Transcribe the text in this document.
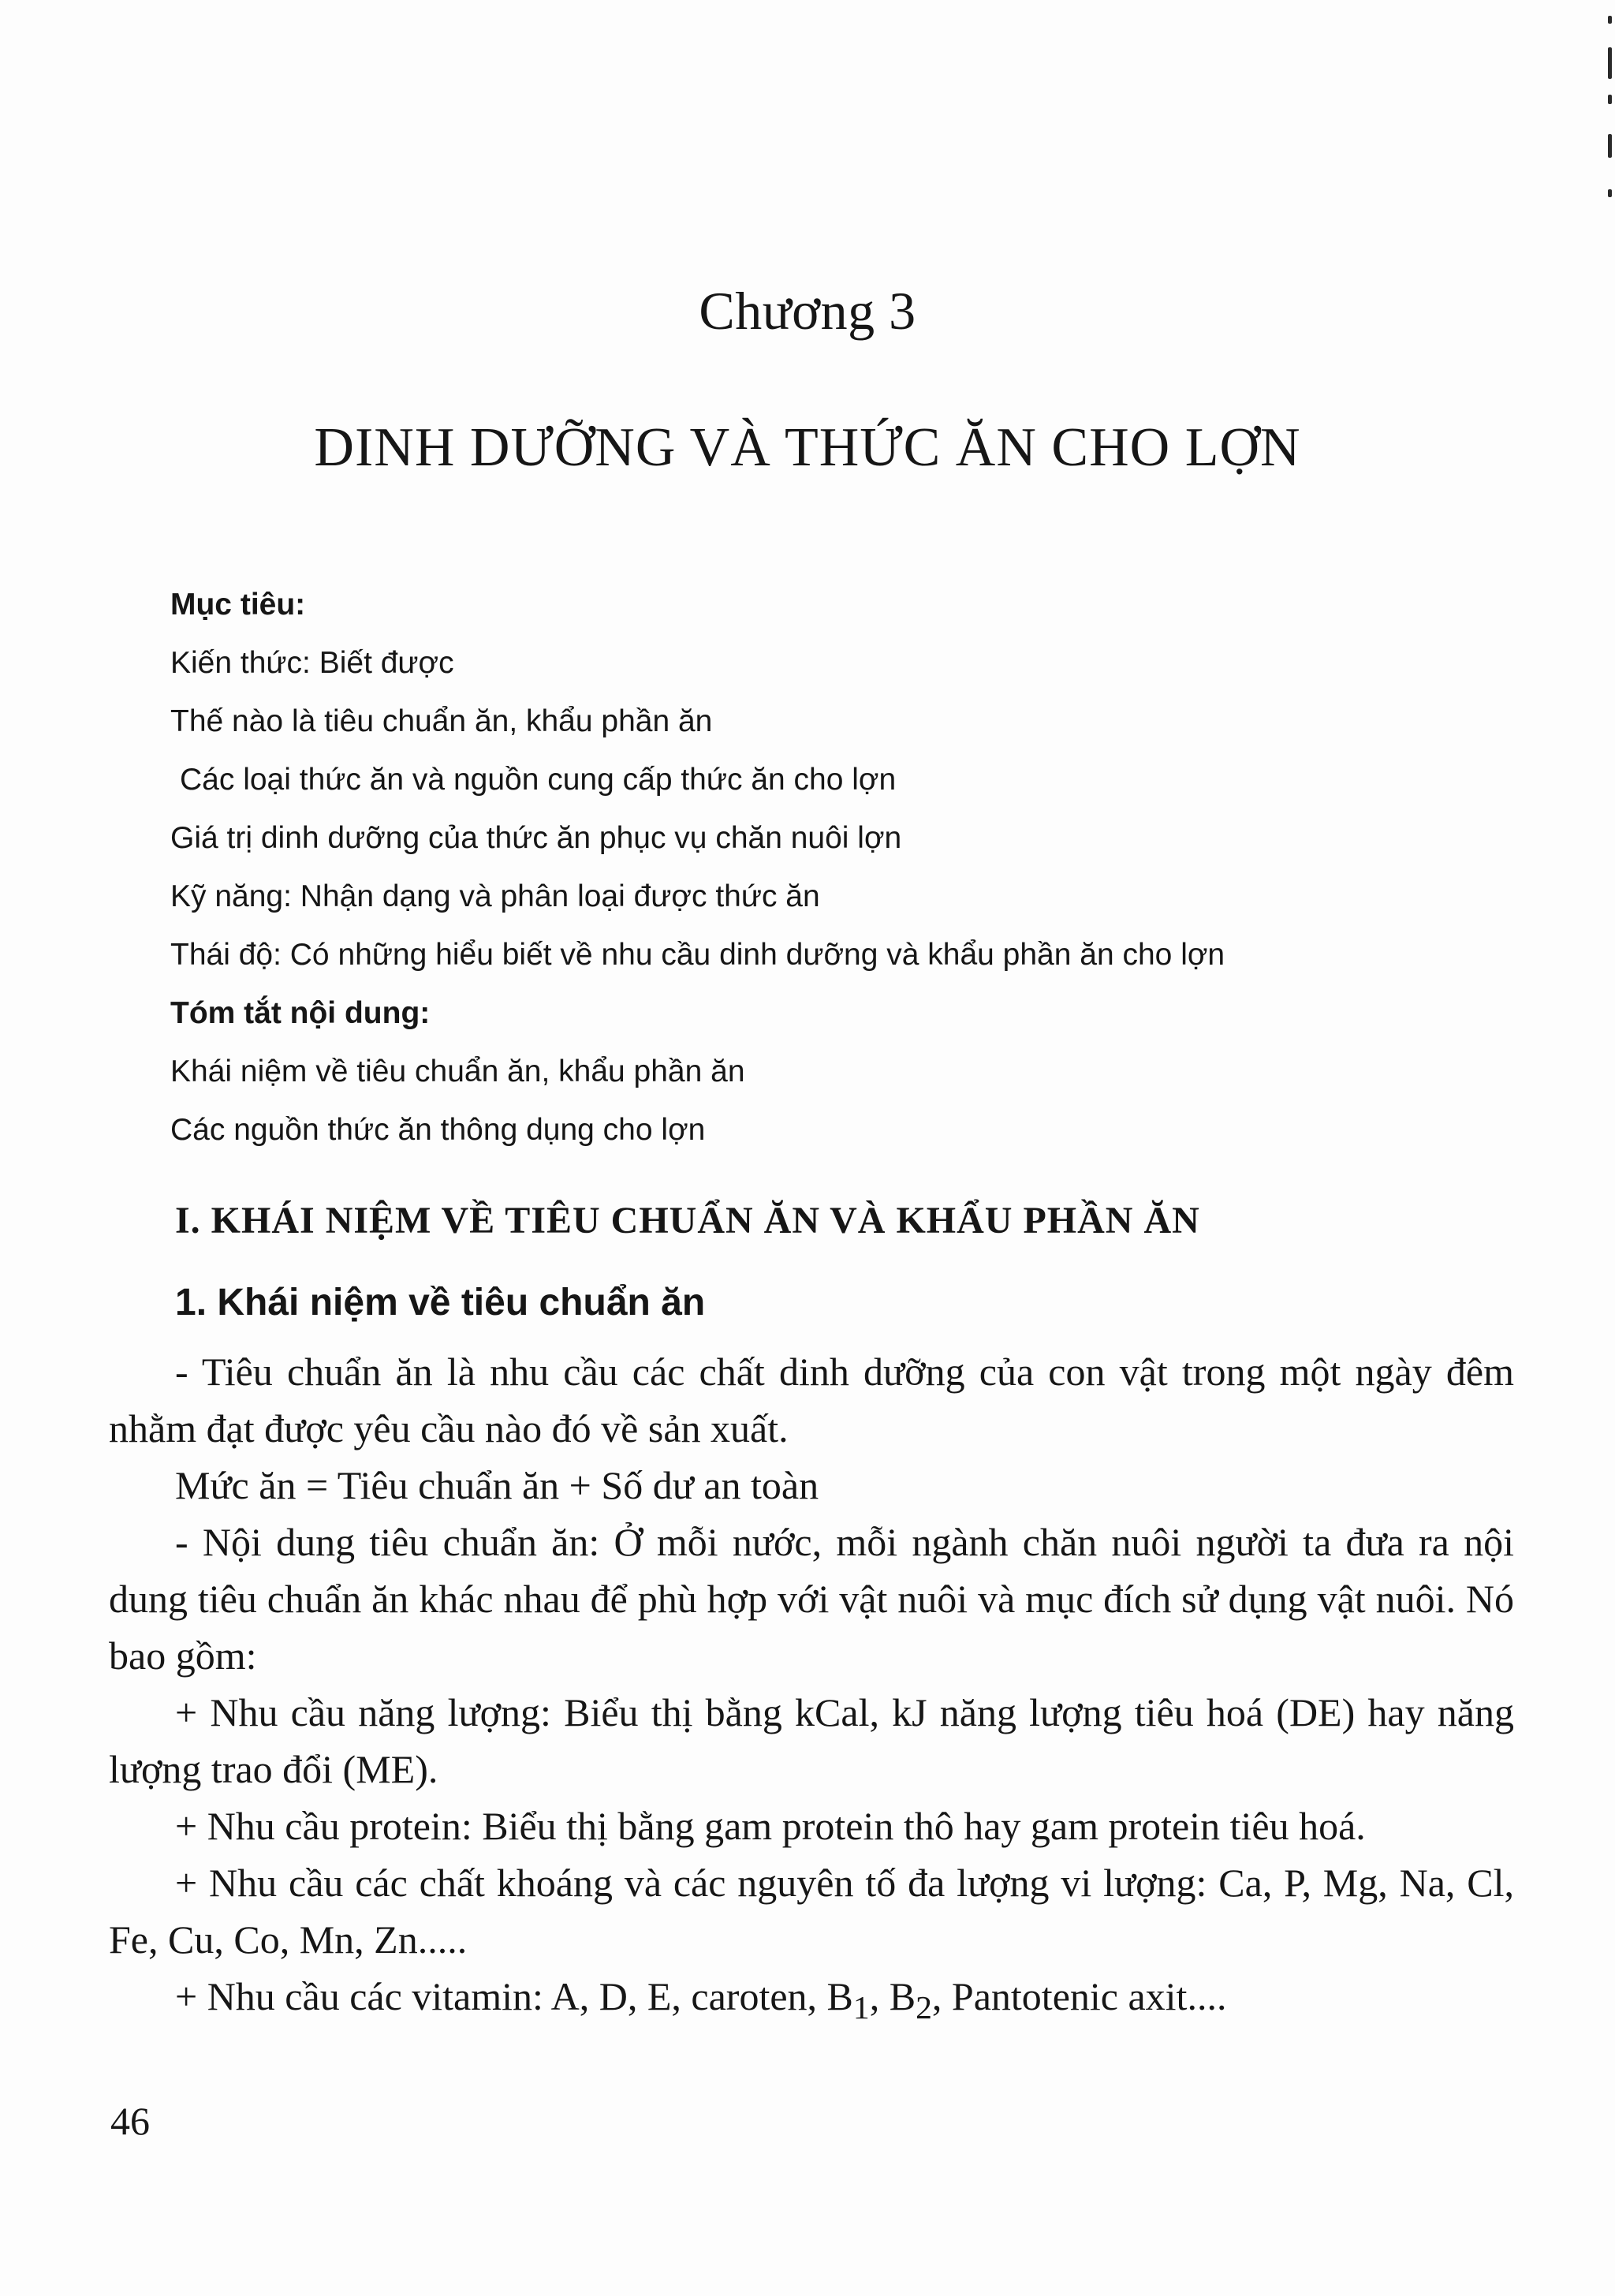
Chương 3
DINH DƯỠNG VÀ THỨC ĂN CHO LỢN
Mục tiêu:
Kiến thức: Biết được
Thế nào là tiêu chuẩn ăn, khẩu phần ăn
Các loại thức ăn và nguồn cung cấp thức ăn cho lợn
Giá trị dinh dưỡng của thức ăn phục vụ chăn nuôi lợn
Kỹ năng: Nhận dạng và phân loại được thức ăn
Thái độ: Có những hiểu biết về nhu cầu dinh dưỡng và khẩu phần ăn cho lợn
Tóm tắt nội dung:
Khái niệm về tiêu chuẩn ăn, khẩu phần ăn
Các nguồn thức ăn thông dụng cho lợn
I. KHÁI NIỆM VỀ TIÊU CHUẨN ĂN VÀ KHẨU PHẦN ĂN
1. Khái niệm về tiêu chuẩn ăn

- Tiêu chuẩn ăn là nhu cầu các chất dinh dưỡng của con vật trong một ngày đêm nhằm đạt được yêu cầu nào đó về sản xuất.

Mức ăn = Tiêu chuẩn ăn + Số dư an toàn

- Nội dung tiêu chuẩn ăn: Ở mỗi nước, mỗi ngành chăn nuôi người ta đưa ra nội dung tiêu chuẩn ăn khác nhau để phù hợp với vật nuôi và mục đích sử dụng vật nuôi. Nó bao gồm:

+ Nhu cầu năng lượng: Biểu thị bằng kCal, kJ năng lượng tiêu hoá (DE) hay năng lượng trao đổi (ME).

+ Nhu cầu protein: Biểu thị bằng gam protein thô hay gam protein tiêu hoá.

+ Nhu cầu các chất khoáng và các nguyên tố đa lượng vi lượng: Ca, P, Mg, Na, Cl, Fe, Cu, Co, Mn, Zn.....

+ Nhu cầu các vitamin: A, D, E, caroten, $B_1$, $B_2$, Pantotenic axit....

46
